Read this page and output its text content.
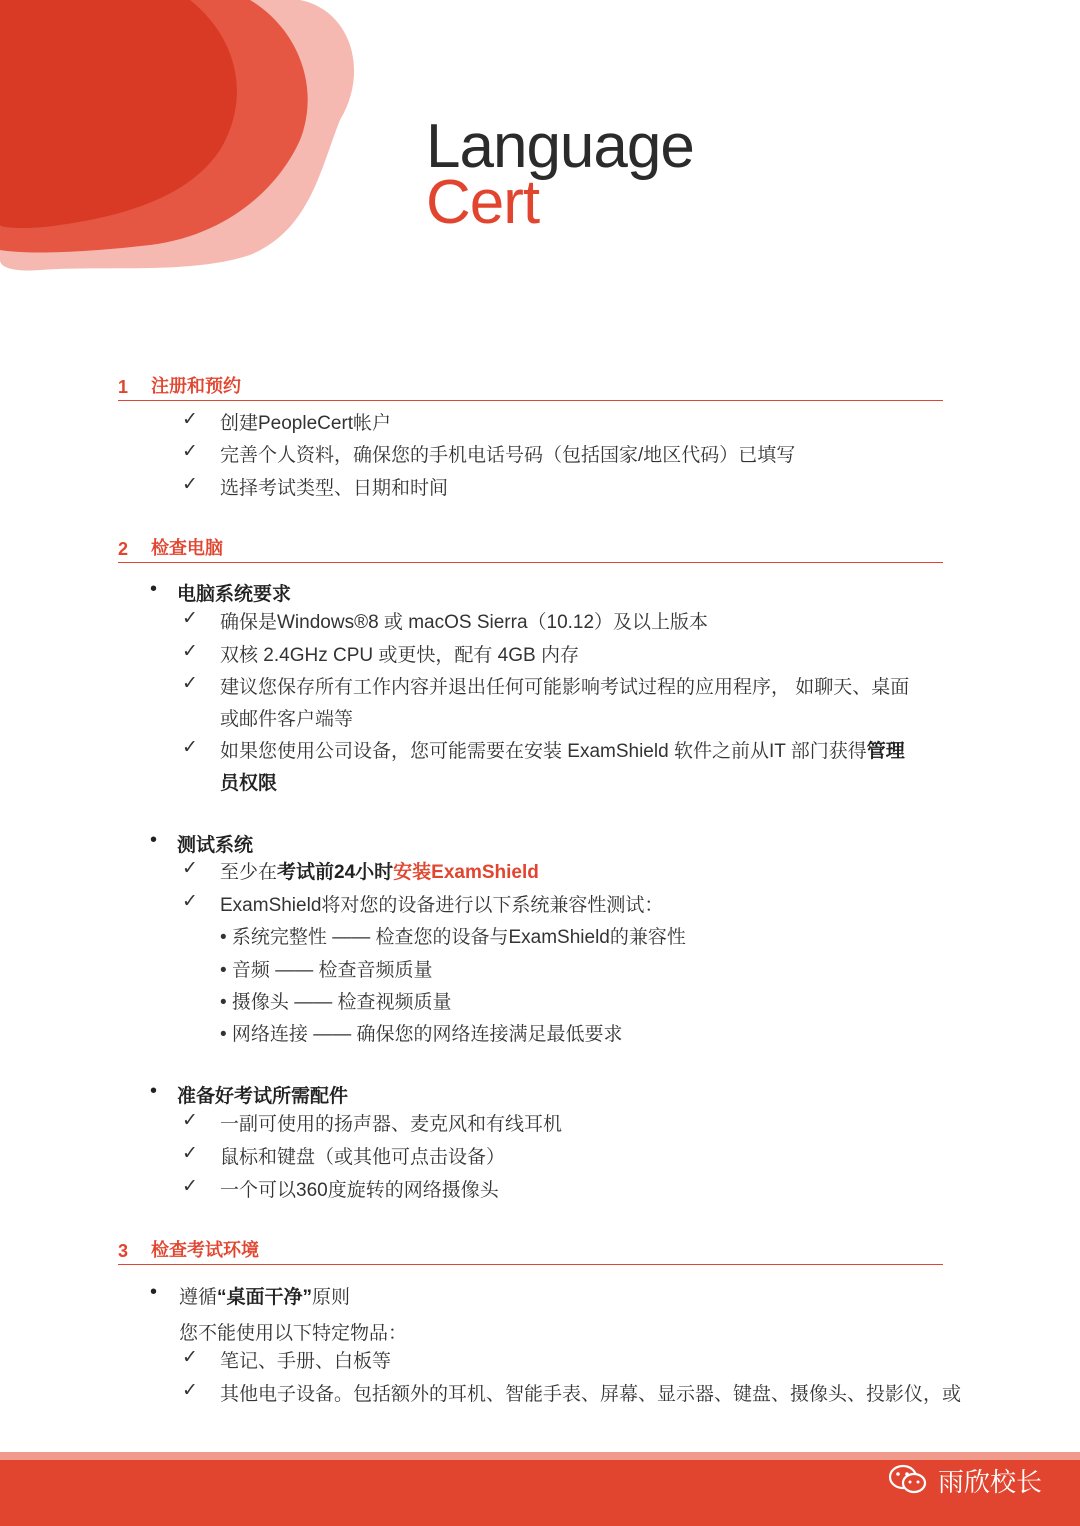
Language
Cert
1 注册和预约
✓ 创建PeopleCert帐户
✓ 完善个人资料，确保您的手机电话号码（包括国家/地区代码）已填写
✓ 选择考试类型、日期和时间
2 检查电脑
• 电脑系统要求
✓ 确保是Windows®8 或 macOS Sierra（10.12）及以上版本
✓ 双核 2.4GHz CPU 或更快，配有 4GB 内存
✓ 建议您保存所有工作内容并退出任何可能影响考试过程的应用程序， 如聊天、桌面
或邮件客户端等
✓ 如果您使用公司设备，您可能需要在安装 ExamShield 软件之前从IT 部门获得管理
员权限
• 测试系统
✓ 至少在考试前24小时安装ExamShield
✓ ExamShield将对您的设备进行以下系统兼容性测试：
• 系统完整性 —— 检查您的设备与ExamShield的兼容性
• 音频 —— 检查音频质量
• 摄像头 —— 检查视频质量
• 网络连接 —— 确保您的网络连接满足最低要求
• 准备好考试所需配件
✓ 一副可使用的扬声器、麦克风和有线耳机
✓ 鼠标和键盘（或其他可点击设备）
✓ 一个可以360度旋转的网络摄像头
3 检查考试环境
• 遵循“桌面干净”原则
您不能使用以下特定物品：
✓ 笔记、手册、白板等
✓ 其他电子设备。包括额外的耳机、智能手表、屏幕、显示器、键盘、摄像头、投影仪，或
雨欣校长
